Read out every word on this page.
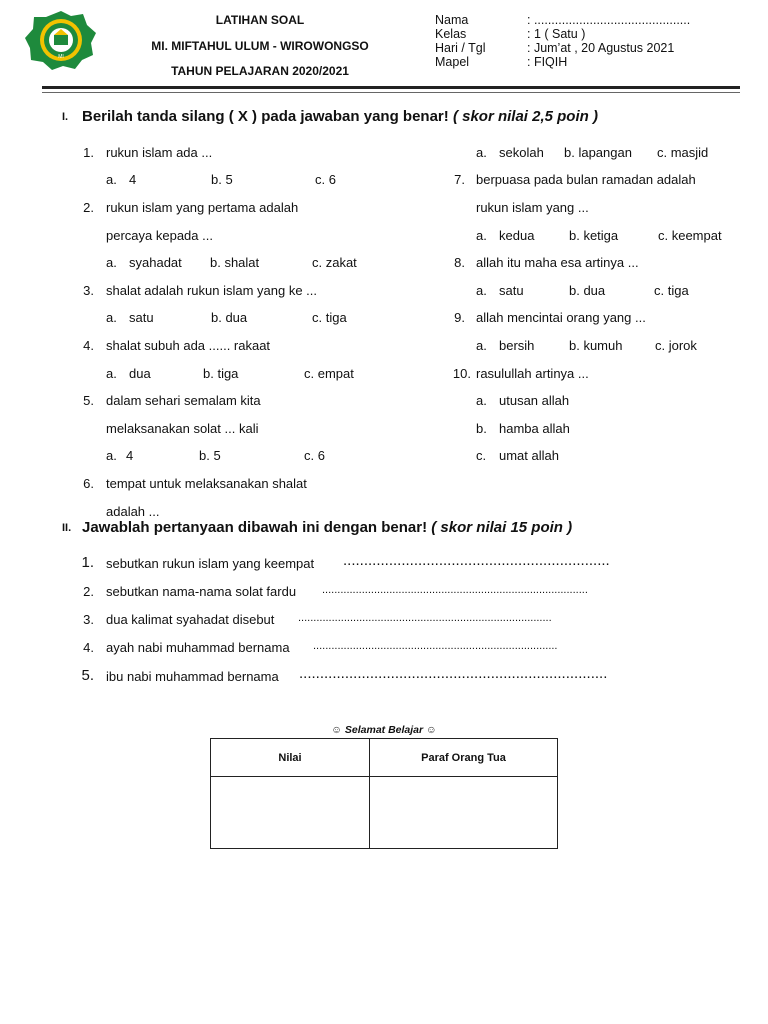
MI
LATIHAN SOAL
MI. MIFTAHUL ULUM - WIROWONGSO
TAHUN PELAJARAN 2020/2021
Nama	: .............................................
Kelas	: 1 ( Satu )
Hari / Tgl	: Jum’at , 20 Agustus 2021
Mapel	: FIQIH
I. Berilah tanda silang ( X ) pada jawaban yang benar! ( skor nilai 2,5 poin )
1. rukun islam ada ...
a. 4	b. 5	c. 6
2. rukun islam yang pertama adalah
percaya kepada ...
a. syahadat b. shalat	c. zakat
3. shalat adalah rukun islam yang ke ...
a. satu	b. dua	c. tiga
4. shalat subuh ada ...... rakaat
a. dua	b. tiga	c. empat
5. dalam sehari semalam kita
melaksanakan solat ... kali
a. 4	b. 5	c. 6
6. tempat untuk melaksanakan shalat
adalah ...
a. sekolah b. lapangan c. masjid
7. berpuasa pada bulan ramadan adalah
rukun islam yang ...
a. kedua	b. ketiga	c. keempat
8. allah itu maha esa artinya ...
a. satu	b. dua	c. tiga
9. allah mencintai orang yang ...
a. bersih	b. kumuh	c. jorok
10. rasulullah artinya ...
a. utusan allah
b. hamba allah
c. umat allah
II. Jawablah pertanyaan dibawah ini dengan benar! ( skor nilai 15 poin )
1. sebutkan rukun islam yang keempat ................................................................
2. sebutkan nama-nama solat fardu .......................................................................................
3. dua kalimat syahadat disebut ...................................................................................
4. ayah nabi muhammad bernama ................................................................................
5. ibu nabi muhammad bernama ..........................................................................
☺ Selamat Belajar ☺
Nilai	Paraf Orang Tua
